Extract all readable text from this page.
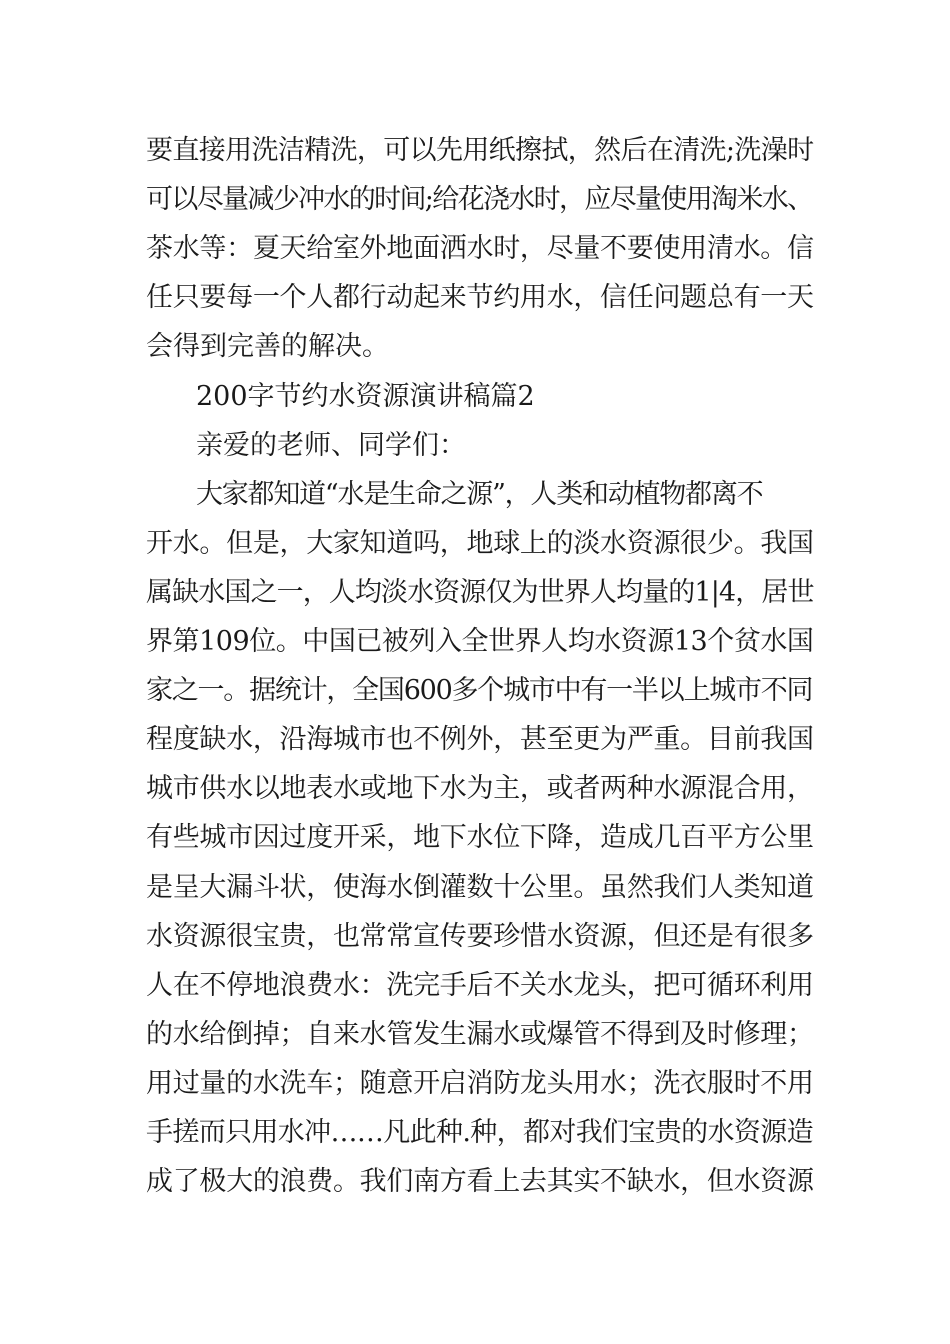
要直接用洗洁精洗，可以先用纸擦拭，然后在清洗;洗澡时
可以尽量减少冲水的时间;给花浇水时，应尽量使用淘米水、
茶水等：夏天给室外地面洒水时，尽量不要使用清水。信
任只要每一个人都行动起来节约用水，信任问题总有一天
会得到完善的解决。
200字节约水资源演讲稿篇2
亲爱的老师、同学们：
大家都知道“水是生命之源”，人类和动植物都离不
开水。但是，大家知道吗，地球上的淡水资源很少。我国
属缺水国之一，人均淡水资源仅为世界人均量的1|4，居世
界第109位。中国已被列入全世界人均水资源13个贫水国
家之一。据统计，全国600多个城市中有一半以上城市不同
程度缺水，沿海城市也不例外，甚至更为严重。目前我国
城市供水以地表水或地下水为主，或者两种水源混合用，
有些城市因过度开采，地下水位下降，造成几百平方公里
是呈大漏斗状，使海水倒灌数十公里。虽然我们人类知道
水资源很宝贵，也常常宣传要珍惜水资源，但还是有很多
人在不停地浪费水：洗完手后不关水龙头，把可循环利用
的水给倒掉；自来水管发生漏水或爆管不得到及时修理；
用过量的水洗车；随意开启消防龙头用水；洗衣服时不用
手搓而只用水冲……凡此种.种，都对我们宝贵的水资源造
成了极大的浪费。我们南方看上去其实不缺水，但水资源
